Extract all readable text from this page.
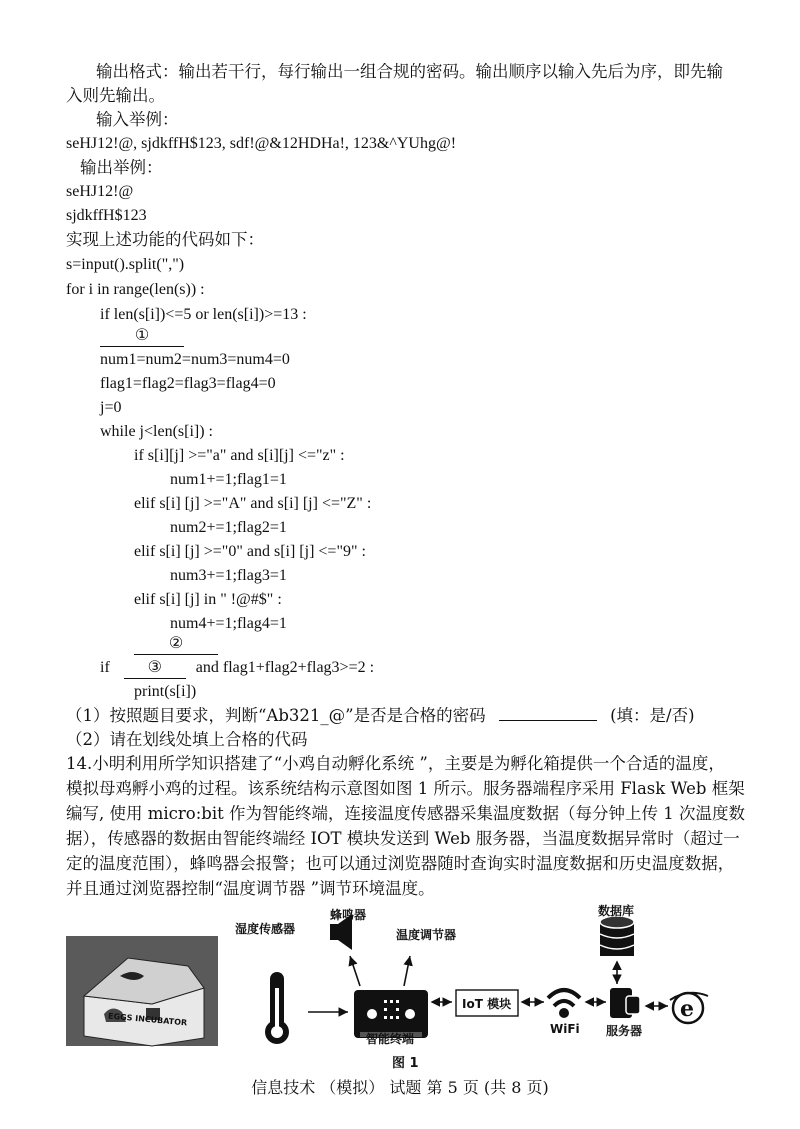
输出格式：输出若干行，每行输出一组合规的密码。输出顺序以输入先后为序，即先输
入则先输出。
输入举例：
seHJ12!@, sjdkffH$123, sdf!@&12HDHa!, 123&^YUhg@!
输出举例：
seHJ12!@
sjdkffH$123
实现上述功能的代码如下：
s=input().split(",")
for i in range(len(s)) :
if len(s[i])<=5 or len(s[i])>=13 :
①
num1=num2=num3=num4=0
flag1=flag2=flag3=flag4=0
j=0
while j<len(s[i]) :
if s[i][j] >="a" and s[i][j] <="z" :
num1+=1;flag1=1
elif s[i] [j] >="A" and s[i] [j] <="Z" :
num2+=1;flag2=1
elif s[i] [j] >="0" and s[i] [j] <="9" :
num3+=1;flag3=1
elif s[i] [j] in " !@#$" :
num4+=1;flag4=1
②
if ③ and flag1+flag2+flag3>=2 :
print(s[i])
（1）按照题目要求，判断“Ab321_@”是否是合格的密码	(填：是/否)
（2）请在划线处填上合格的代码
14.小明利用所学知识搭建了“小鸡自动孵化系统 ”，主要是为孵化箱提供一个合适的温度，
模拟母鸡孵小鸡的过程。该系统结构示意图如图 1 所示。服务器端程序采用 Flask Web 框架
编写, 使用 micro:bit 作为智能终端，连接温度传感器采集温度数据（每分钟上传 1 次温度数
据），传感器的数据由智能终端经 IOT 模块发送到 Web 服务器，当温度数据异常时（超过一
定的温度范围），蜂鸣器会报警；也可以通过浏览器随时查询实时温度数据和历史温度数据，
并且通过浏览器控制“温度调节器 ”调节环境温度。
e
湿度传感器
蜂鸣器
温度调节器
智能终端
IoT 模块
WiFi
数据库
服务器
EGGS INCUBATOR
图 1
信息技术 （模拟） 试题 第 5 页 (共 8 页)
